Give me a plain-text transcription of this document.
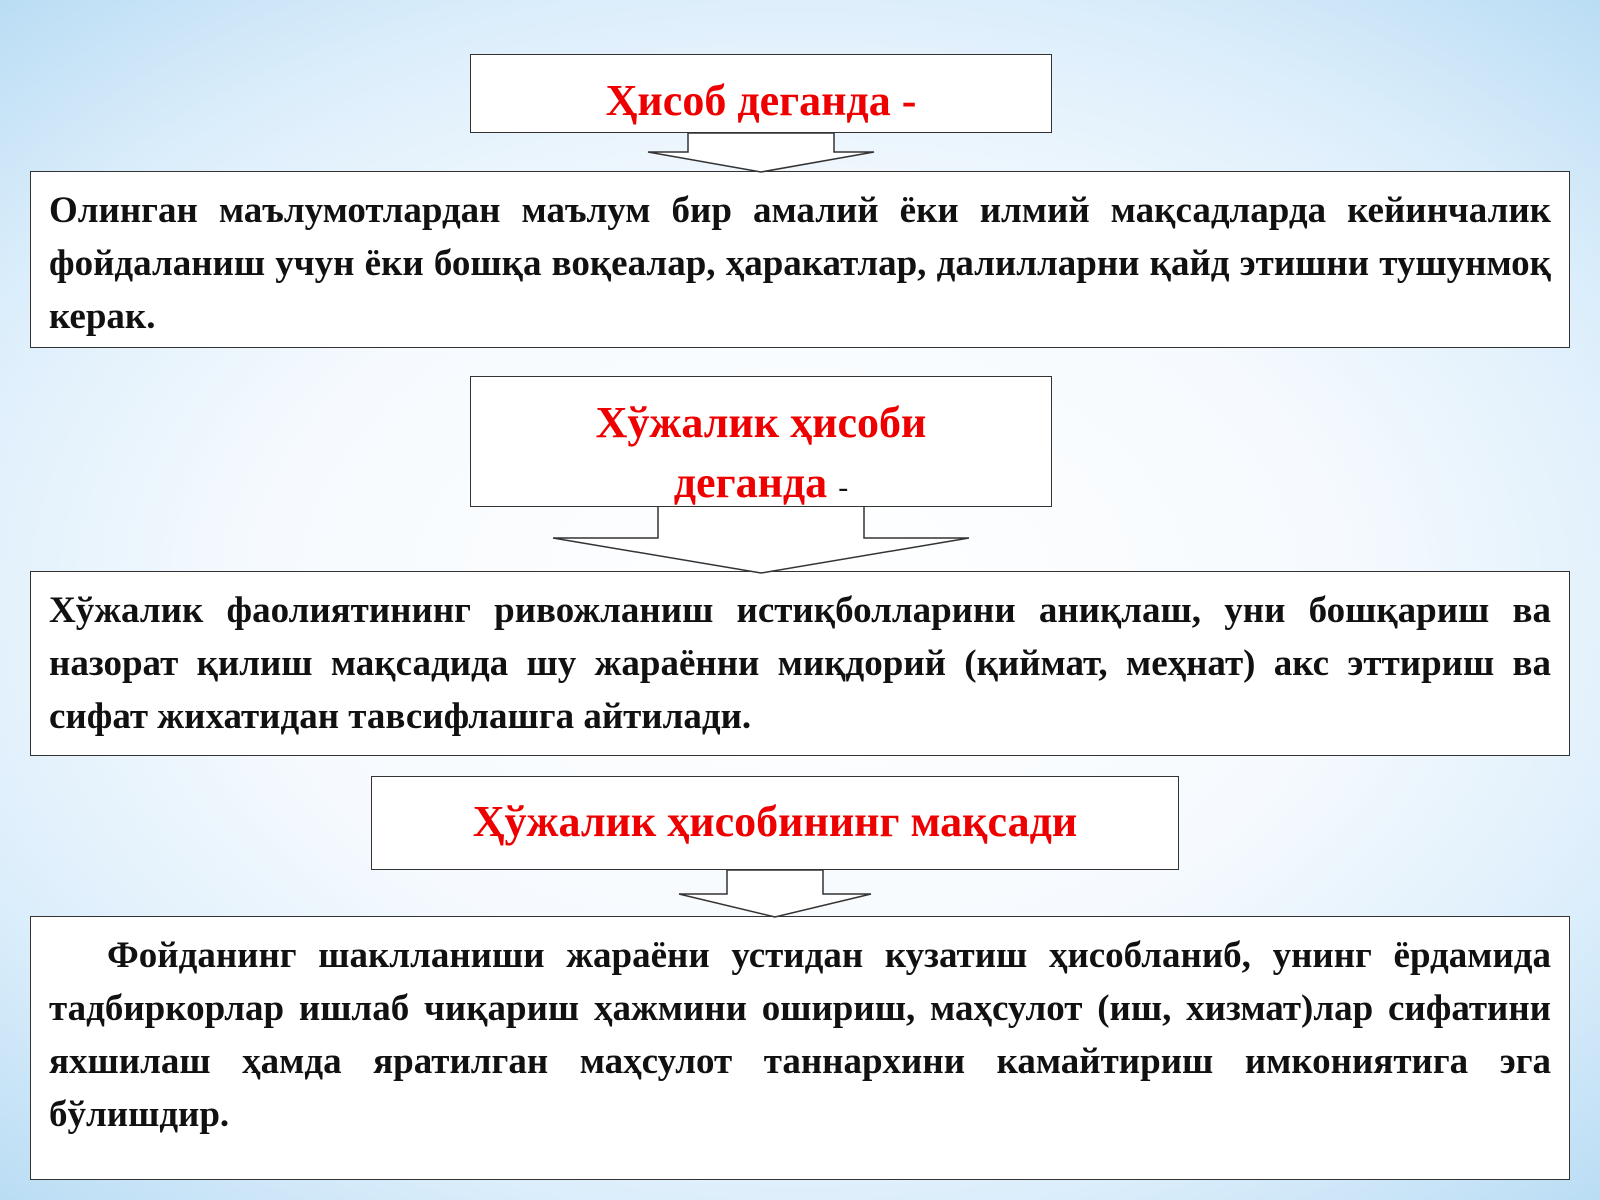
Ҳисоб деганда -
Олинган маълумотлардан маълум бир амалий ёки илмий мақсадларда кейинчалик фойдаланиш учун ёки бошқа воқеалар, ҳаракатлар, далилларни қайд этишни тушунмоқ керак.
Хўжалик ҳисоби
деганда -
Хўжалик фаолиятининг ривожланиш истиқболларини аниқлаш, уни бошқариш ва назорат қилиш мақсадида шу жараённи миқдорий (қиймат, меҳнат) акс эттириш ва сифат жихатидан тавсифлашга айтилади.
Ҳўжалик ҳисобининг мақсади
Фойданинг шаклланиши жараёни устидан кузатиш ҳисобланиб, унинг ёрдамида тадбиркорлар ишлаб чиқариш ҳажмини ошириш, маҳсулот (иш, хизмат)лар сифатини яхшилаш ҳамда яратилган маҳсулот таннархини камайтириш имкониятига эга бўлишдир.
